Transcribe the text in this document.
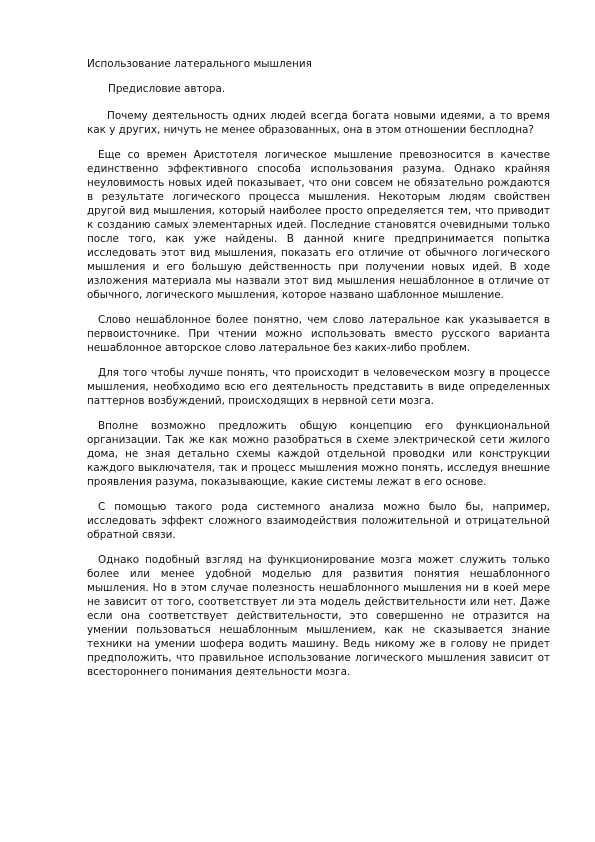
Использование латерального мышления
Предисловие автора.

Почему деятельность одних людей всегда богата новыми идеями, а то время как у других, ничуть не менее образованных, она в этом отношении бесплодна?

Еще со времен Аристотеля логическое мышление превозносится в качестве единственно эффективного способа использования разума. Однако крайняя неуловимость новых идей показывает, что они совсем не обязательно рождаются в результате логического процесса мышления. Некоторым людям свойствен другой вид мышления, который наиболее просто определяется тем, что приводит к созданию самых элементарных идей. Последние становятся очевидными только после того, как уже найдены. В данной книге предпринимается попытка исследовать этот вид мышления, показать его отличие от обычного логического мышления и его большую действенность при получении новых идей. В ходе изложения материала мы назвали этот вид мышления нешаблонное в отличие от обычного, логического мышления, которое названо шаблонное мышление.

Слово нешаблонное более понятно, чем слово латеральное как указывается в первоисточнике. При чтении можно использовать вместо русского варианта нешаблонное авторское слово латеральное без каких-либо проблем.

Для того чтобы лучше понять, что происходит в человеческом мозгу в процессе мышления, необходимо всю его деятельность представить в виде определенных паттернов возбуждений, происходящих в нервной сети мозга.

Вполне возможно предложить общую концепцию его функциональной организации. Так же как можно разобраться в схеме электрической сети жилого дома, не зная детально схемы каждой отдельной проводки или конструкции каждого выключателя, так и процесс мышления можно понять, исследуя внешние проявления разума, показывающие, какие системы лежат в его основе.

С помощью такого рода системного анализа можно было бы, например, исследовать эффект сложного взаимодействия положительной и отрицательной обратной связи.

Однако подобный взгляд на функционирование мозга может служить только более или менее удобной моделью для развития понятия нешаблонного мышления. Но в этом случае полезность нешаблонного мышления ни в коей мере не зависит от того, соответствует ли эта модель действительности или нет. Даже если она соответствует действительности, это совершенно не отразится на умении пользоваться нешаблонным мышлением, как не сказывается знание техники на умении шофера водить машину. Ведь никому же в голову не придет предположить, что правильное использование логического мышления зависит от всестороннего понимания деятельности мозга.
